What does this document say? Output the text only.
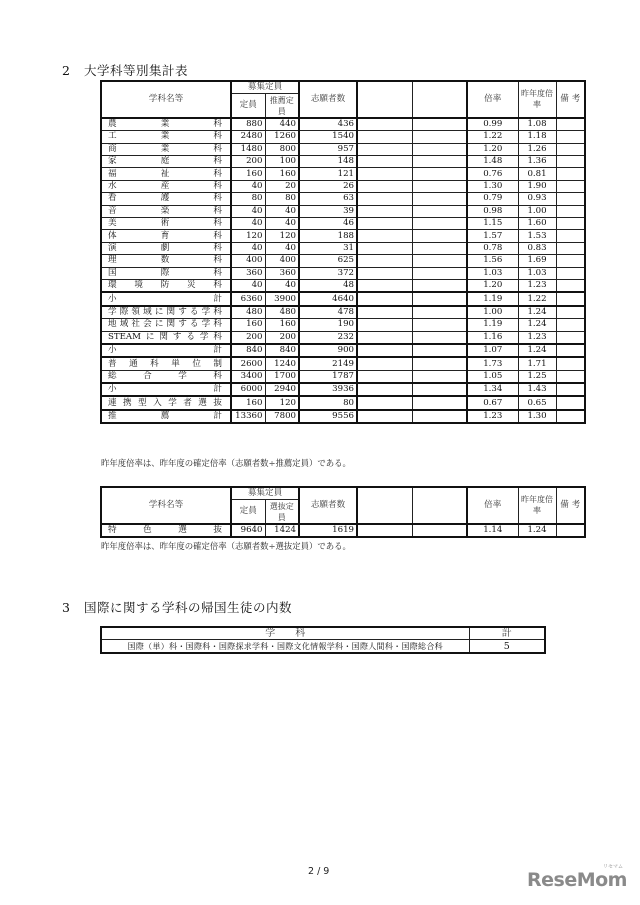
2 大学科等別集計表
学科名等	募集定員		志願者数			倍率	昨年度倍率	備 考
	定員	推薦定員						

農 業 科	880	440	436			0.99	1.08	

工 業 科	2480	1260	1540			1.22	1.18	

商 業 科	1480	800	957			1.20	1.26	

家 庭 科	200	100	148			1.48	1.36	

福 祉 科	160	160	121			0.76	0.81	

水 産 科	40	20	26			1.30	1.90	

看 護 科	80	80	63			0.79	0.93	

音 楽 科	40	40	39			0.98	1.00	

美 術 科	40	40	46			1.15	1.60	

体 育 科	120	120	188			1.57	1.53	

演 劇 科	40	40	31			0.78	0.83	

理 数 科	400	400	625			1.56	1.69	

国 際 科	360	360	372			1.03	1.03	

環 境 防 災 科	40	40	48			1.20	1.23	

小 計	6360	3900	4640			1.19	1.22	

学 際 領 域 に 関 す る 学 科	480	480	478			1.00	1.24	

地 域 社 会 に 関 す る 学 科	160	160	190			1.19	1.24	

STEAM に 関 す る 学 科	200	200	232			1.16	1.23	

小 計	840	840	900			1.07	1.24	

普 通 科 単 位 制	2600	1240	2149			1.73	1.71	

総 合 学 科	3400	1700	1787			1.05	1.25	

小 計	6000	2940	3936			1.34	1.43	

連 携 型 入 学 者 選 抜	160	120	80			0.67	0.65	

推 薦 計	13360	7800	9556			1.23	1.30	
昨年度倍率は、昨年度の確定倍率（志願者数÷推薦定員）である。
学科名等	募集定員		志願者数			倍率	昨年度倍率	備 考
	定員	選抜定員						

特 色 選 抜	9640	1424	1619			1.14	1.24	
昨年度倍率は、昨年度の確定倍率（志願者数÷選抜定員）である。
3 国際に関する学科の帰国生徒の内数
学　　科	計
国際（単）科・国際科・国際探求学科・国際文化情報学科・国際人間科・国際総合科	5
2 / 9	リセマム
ReseMom
